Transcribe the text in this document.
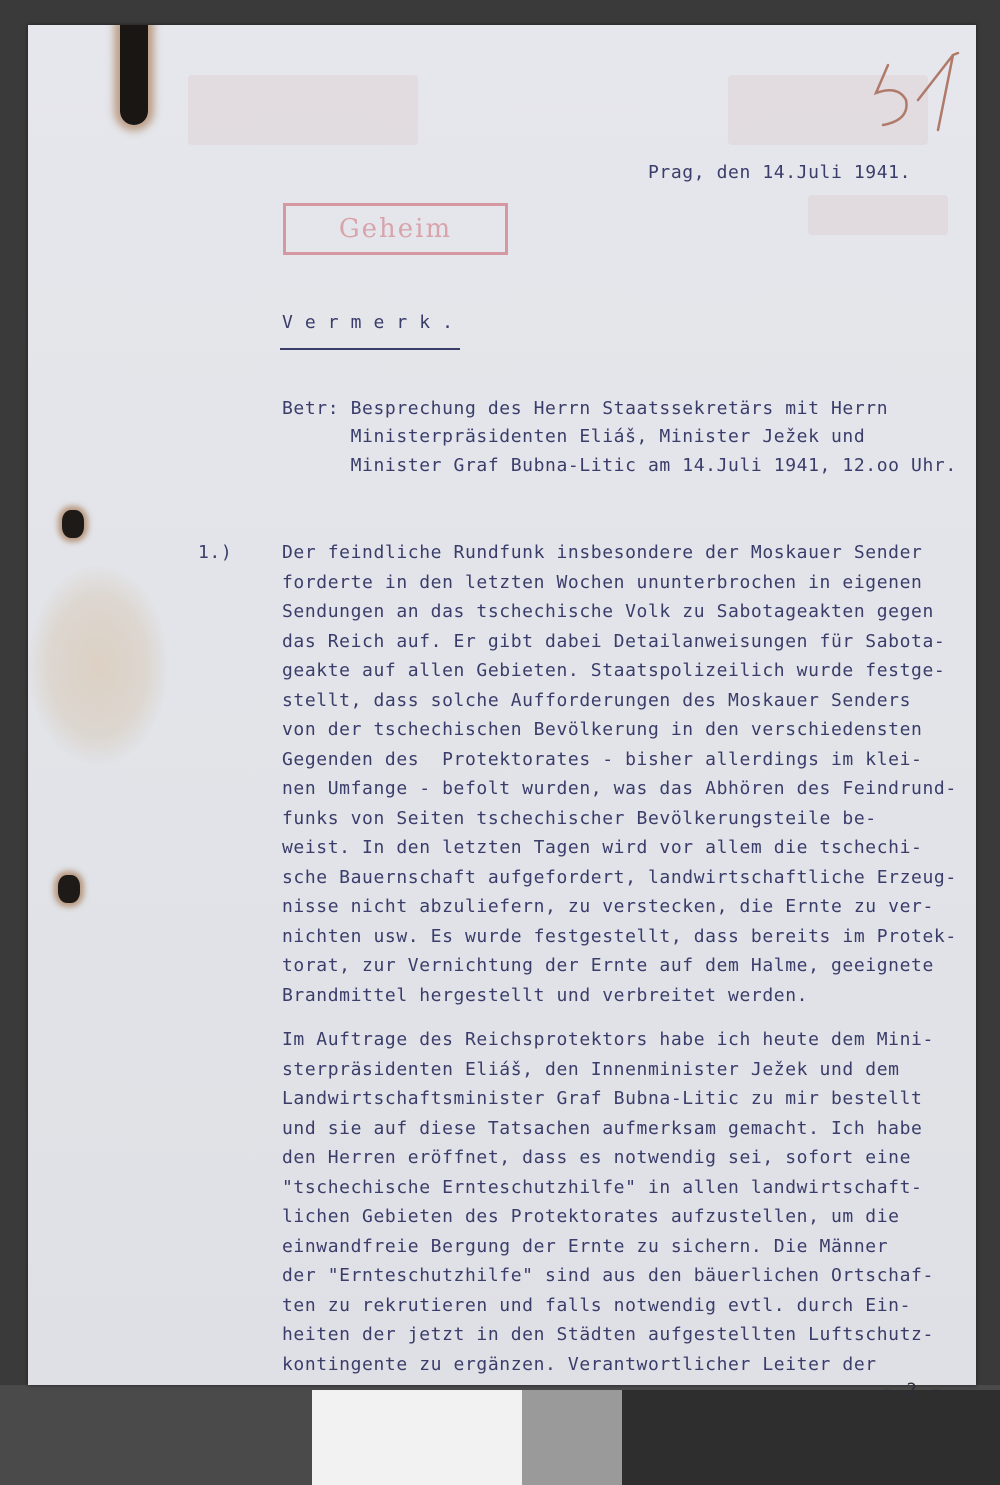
Prag, den 14.Juli 1941.
Geheim
V e r m e r k .
Betr: Besprechung des Herrn Staatssekretärs mit Herrn
Ministerpräsidenten Eliáš, Minister Ježek und
Minister Graf Bubna-Litic am 14.Juli 1941, 12.oo Uhr.
1.)	Der feindliche Rundfunk insbesondere der Moskauer Sender
forderte in den letzten Wochen ununterbrochen in eigenen
Sendungen an das tschechische Volk zu Sabotageakten gegen
das Reich auf. Er gibt dabei Detailanweisungen für Sabota-
geakte auf allen Gebieten. Staatspolizeilich wurde festge-
stellt, dass solche Aufforderungen des Moskauer Senders
von der tschechischen Bevölkerung in den verschiedensten
Gegenden des  Protektorates - bisher allerdings im klei-
nen Umfange - befolt wurden, was das Abhören des Feindrund-
funks von Seiten tschechischer Bevölkerungsteile be-
weist. In den letzten Tagen wird vor allem die tschechi-
sche Bauernschaft aufgefordert, landwirtschaftliche Erzeug-
nisse nicht abzuliefern, zu verstecken, die Ernte zu ver-
nichten usw. Es wurde festgestellt, dass bereits im Protek-
torat, zur Vernichtung der Ernte auf dem Halme, geeignete
Brandmittel hergestellt und verbreitet werden.
Im Auftrage des Reichsprotektors habe ich heute dem Mini-
sterpräsidenten Eliáš, den Innenminister Ježek und dem
Landwirtschaftsminister Graf Bubna-Litic zu mir bestellt
und sie auf diese Tatsachen aufmerksam gemacht. Ich habe
den Herren eröffnet, dass es notwendig sei, sofort eine
"tschechische Ernteschutzhilfe" in allen landwirtschaft-
lichen Gebieten des Protektorates aufzustellen, um die
einwandfreie Bergung der Ernte zu sichern. Die Männer
der "Ernteschutzhilfe" sind aus den bäuerlichen Ortschaf-
ten zu rekrutieren und falls notwendig evtl. durch Ein-
heiten der jetzt in den Städten aufgestellten Luftschutz-
kontingente zu ergänzen. Verantwortlicher Leiter der
- 2 -
